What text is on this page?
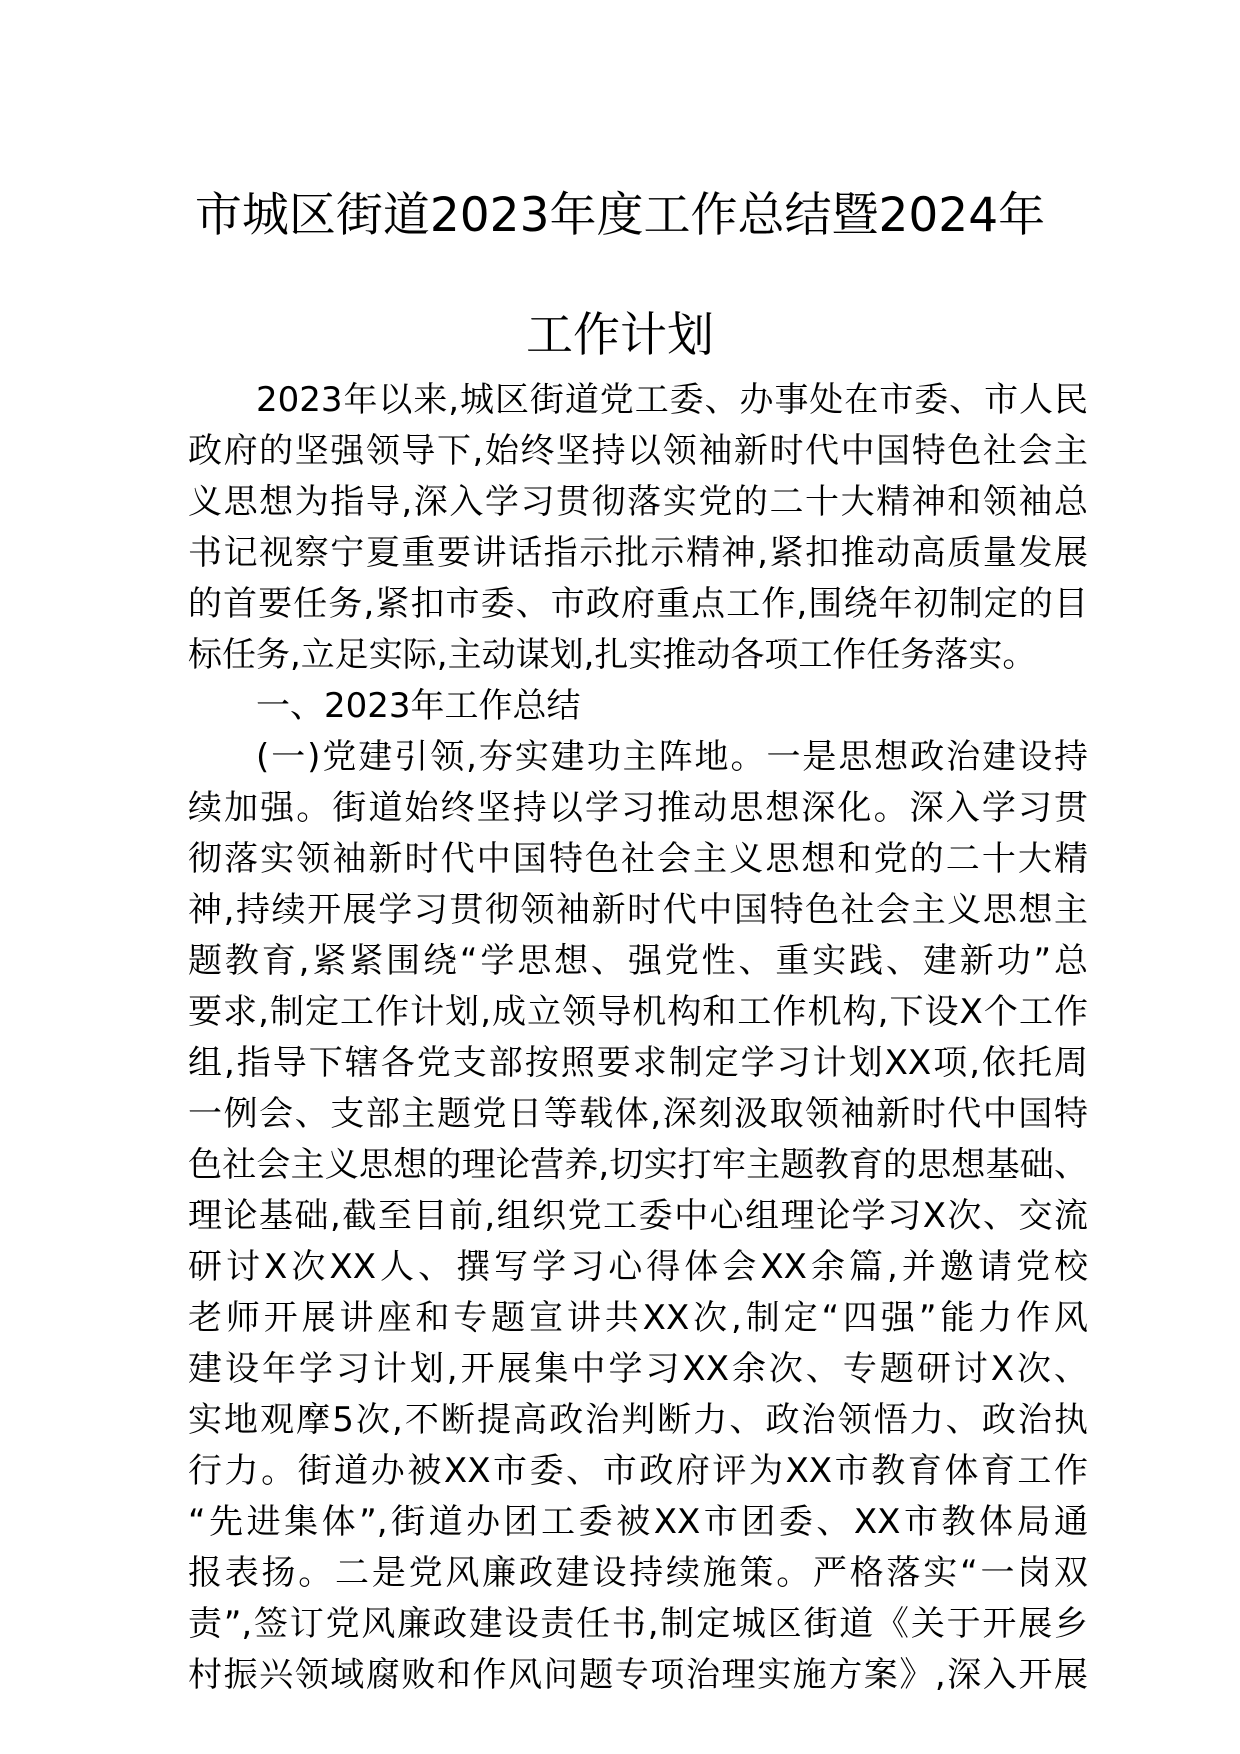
市城区街道2023年度工作总结暨2024年
工作计划
2023年以来,城区街道党工委、办事处在市委、市人民
政府的坚强领导下,始终坚持以领袖新时代中国特色社会主
义思想为指导,深入学习贯彻落实党的二十大精神和领袖总
书记视察宁夏重要讲话指示批示精神,紧扣推动高质量发展
的首要任务,紧扣市委、市政府重点工作,围绕年初制定的目
标任务,立足实际,主动谋划,扎实推动各项工作任务落实。
一、2023年工作总结
(一)党建引领,夯实建功主阵地。一是思想政治建设持
续加强。街道始终坚持以学习推动思想深化。深入学习贯
彻落实领袖新时代中国特色社会主义思想和党的二十大精
神,持续开展学习贯彻领袖新时代中国特色社会主义思想主
题教育,紧紧围绕“学思想、强党性、重实践、建新功”总
要求,制定工作计划,成立领导机构和工作机构,下设X个工作
组,指导下辖各党支部按照要求制定学习计划XX项,依托周
一例会、支部主题党日等载体,深刻汲取领袖新时代中国特
色社会主义思想的理论营养,切实打牢主题教育的思想基础、
理论基础,截至目前,组织党工委中心组理论学习X次、交流
研讨X次XX人、撰写学习心得体会XX余篇,并邀请党校
老师开展讲座和专题宣讲共XX次,制定“四强”能力作风
建设年学习计划,开展集中学习XX余次、专题研讨X次、
实地观摩5次,不断提高政治判断力、政治领悟力、政治执
行力。街道办被XX市委、市政府评为XX市教育体育工作
“先进集体”,街道办团工委被XX市团委、XX市教体局通
报表扬。二是党风廉政建设持续施策。严格落实“一岗双
责”,签订党风廉政建设责任书,制定城区街道《关于开展乡
村振兴领域腐败和作风问题专项治理实施方案》,深入开展
